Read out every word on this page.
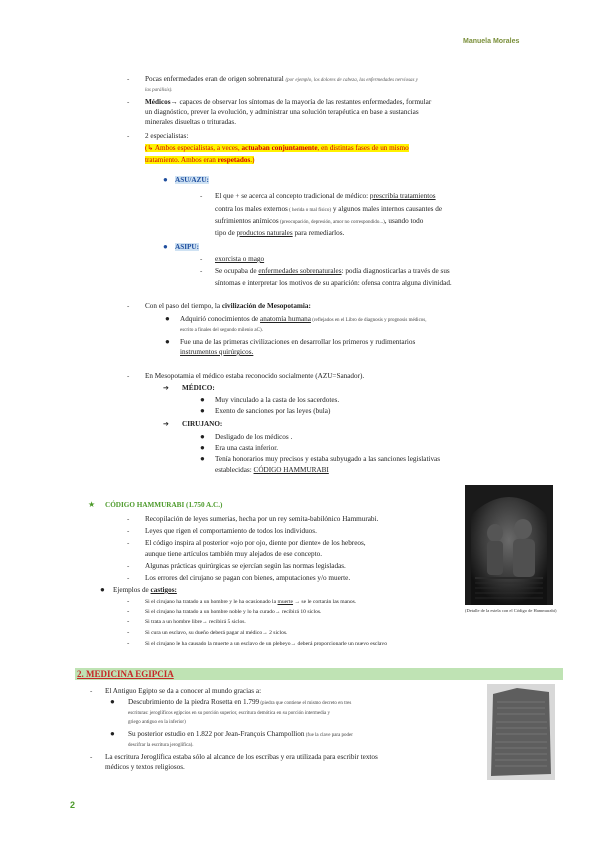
Manuela Morales
- Pocas enfermedades eran de origen sobrenatural (por ejemplo, los dolores de cabeza, las enfermedades nerviosas y
las parálisis).
- Médicos→ capaces de observar los síntomas de la mayoría de las restantes enfermedades, formular
un diagnóstico, prever la evolución, y administrar una solución terapéutica en base a sustancias
minerales disueltas o trituradas.
- 2 especialistas:
(↳ Ambos especialistas, a veces, actuaban conjuntamente, en distintas fases de un mismo
tratamiento. Ambos eran respetados.)
● ASU/AZU:
- El que + se acerca al concepto tradicional de médico: prescribía tratamientos
contra los males externos ( herida o mal físico) y algunos males internos causantes de
sufrimientos anímicos (preocupación, depresión, amor no correspondido...), usando todo
tipo de productos naturales para remediarlos.
● ASIPU:
- exorcista o mago
- Se ocupaba de enfermedades sobrenaturales: podía diagnosticarlas a través de sus
síntomas e interpretar los motivos de su aparición: ofensa contra alguna divinidad.
- Con el paso del tiempo, la civilización de Mesopotamia:
● Adquirió conocimientos de anatomía humana (reflejados en el Libro de diagnosis y prognosis médicos,
escrito a finales del segundo milenio aC).
● Fue una de las primeras civilizaciones en desarrollar los primeros y rudimentarios
instrumentos quirúrgicos.
- En Mesopotamia el médico estaba reconocido socialmente (AZU=Sanador).
➔ MÉDICO:
● Muy vinculado a la casta de los sacerdotes.
● Exento de sanciones por las leyes (bula)
➔ CIRUJANO:
● Desligado de los médicos .
● Era una casta inferior.
● Tenía honorarios muy precisos y estaba subyugado a las sanciones legislativas
establecidas: CÓDIGO HAMMURABI
★ CÓDIGO HAMMURABI (1.750 A.C.)
- Recopilación de leyes sumerias, hecha por un rey semita-babilónico Hammurabi.
- Leyes que rigen el comportamiento de todos los individuos.
- El código inspira al posterior «ojo por ojo, diente por diente» de los hebreos,
aunque tiene artículos también muy alejados de ese concepto.
- Algunas prácticas quirúrgicas se ejercían según las normas legisladas.
- Los errores del cirujano se pagan con bienes, amputaciones y/o muerte.
● Ejemplos de castigos:
-	Si el cirujano ha tratado a un hombre y le ha ocasionado la muerte → se le cortarán las manos.
-	Si el cirujano ha tratado a un hombre noble y lo ha curado→ recibirá 10 siclos.
-	Si trata a un hombre libre→ recibirá 5 siclos.
-	Si cura un esclavo, su dueño deberá pagar al médico→ 2 siclos.
-	Si el cirujano le ha causado la muerte a un esclavo de un plebeyo→ deberá proporcionarle un nuevo esclavo
(Detalle de la estela con el Código de Hammurabi)
2. MEDICINA EGIPCIA
- El Antiguo Egipto se da a conocer al mundo gracias a:
● Descubrimiento de la piedra Rosetta en 1.799 (piedra que contiene el mismo decreto en tres
escrituras: jeroglíficos egipcios en su porción superior, escritura demótica en su porción intermedia y
griego antiguo en la inferior)
● Su posterior estudio en 1.822 por Jean-François Champollion (fue la clave para poder
descifrar la escritura jeroglífica).
- La escritura Jeroglífica estaba sólo al alcance de los escribas y era utilizada para escribir textos
médicos y textos religiosos.
2
